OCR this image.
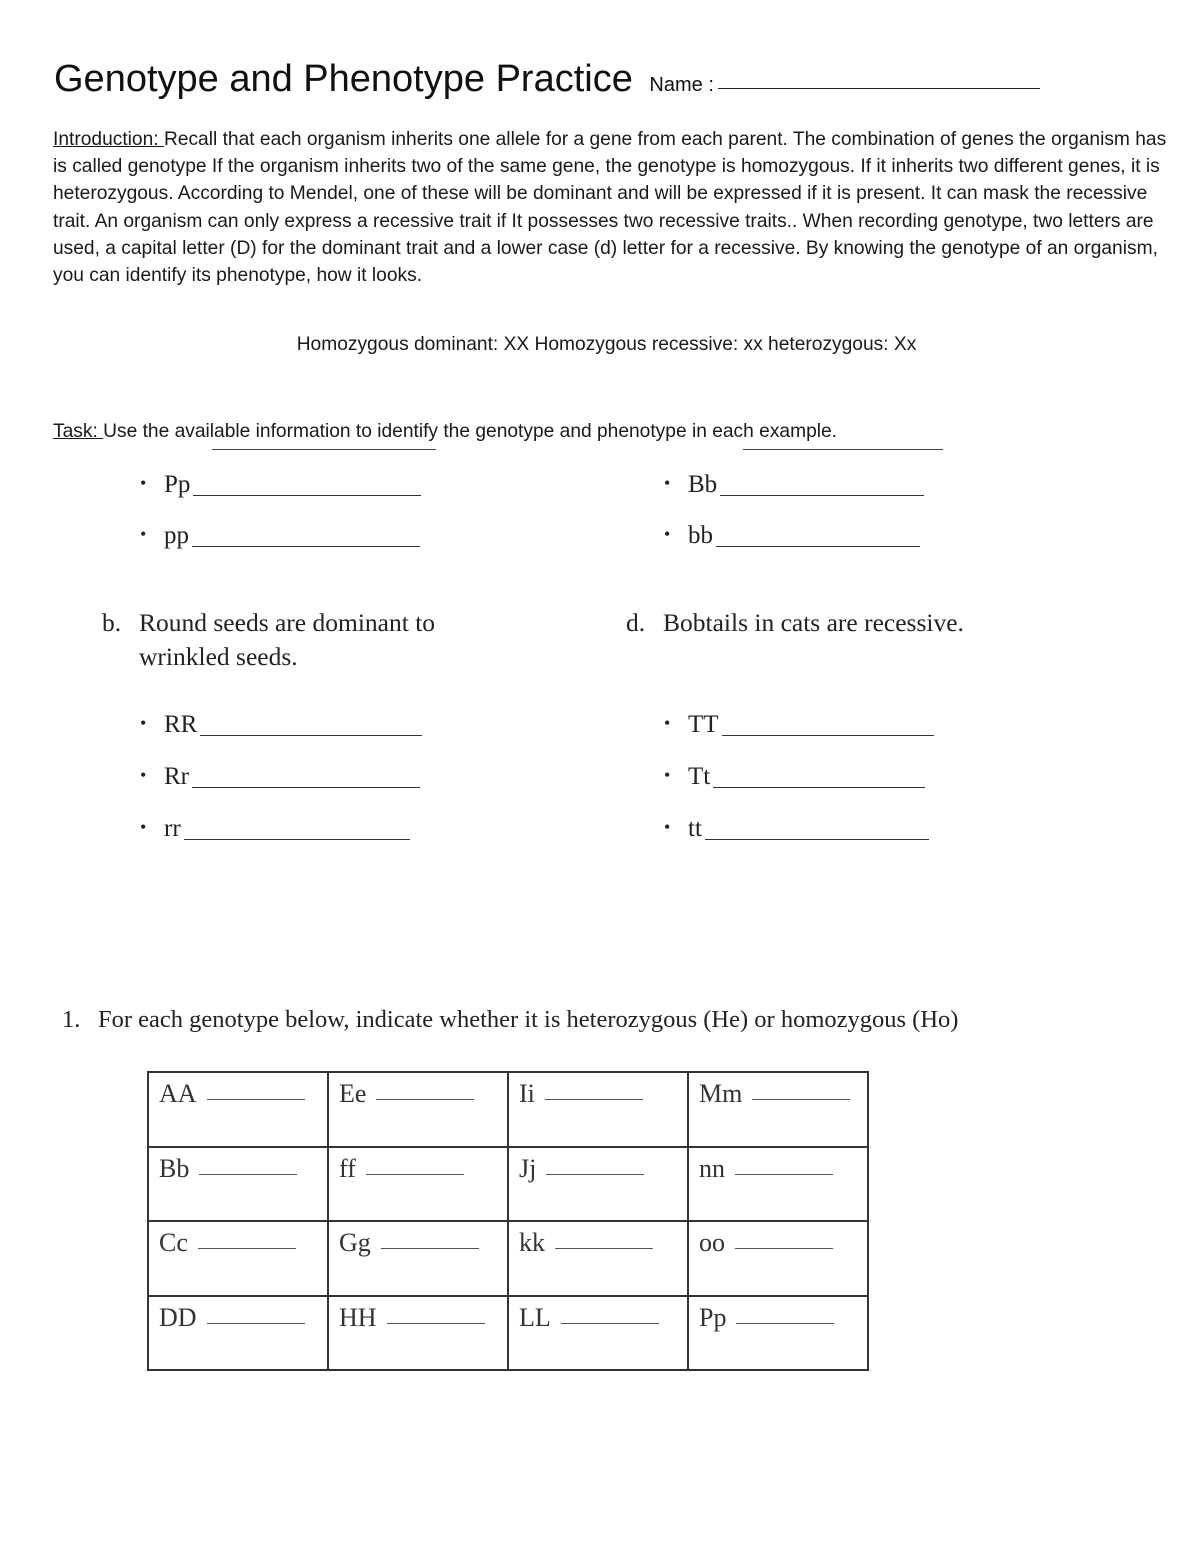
Genotype and Phenotype Practice Name :
Introduction: Recall that each organism inherits one allele for a gene from each parent. The combination of genes the organism has is called genotype If the organism inherits two of the same gene, the genotype is homozygous. If it inherits two different genes, it is heterozygous. According to Mendel, one of these will be dominant and will be expressed if it is present. It can mask the recessive trait. An organism can only express a recessive trait if It possesses two recessive traits.. When recording genotype, two letters are used, a capital letter (D) for the dominant trait and a lower case (d) letter for a recessive. By knowing the genotype of an organism, you can identify its phenotype, how it looks.
Homozygous dominant: XX Homozygous recessive: xx heterozygous: Xx
Task: Use the available information to identify the genotype and phenotype in each example.
• Pp
• pp
• Bb
• bb
b. Round seeds are dominant to
wrinkled seeds.
d. Bobtails in cats are recessive.
• RR
• Rr
• rr
• TT
• Tt
• tt
1. For each genotype below, indicate whether it is heterozygous (He) or homozygous (Ho)
AA	Ee	Ii	Mm

Bb	ff	Jj	nn

Cc	Gg	kk	oo

DD	HH	LL	Pp
